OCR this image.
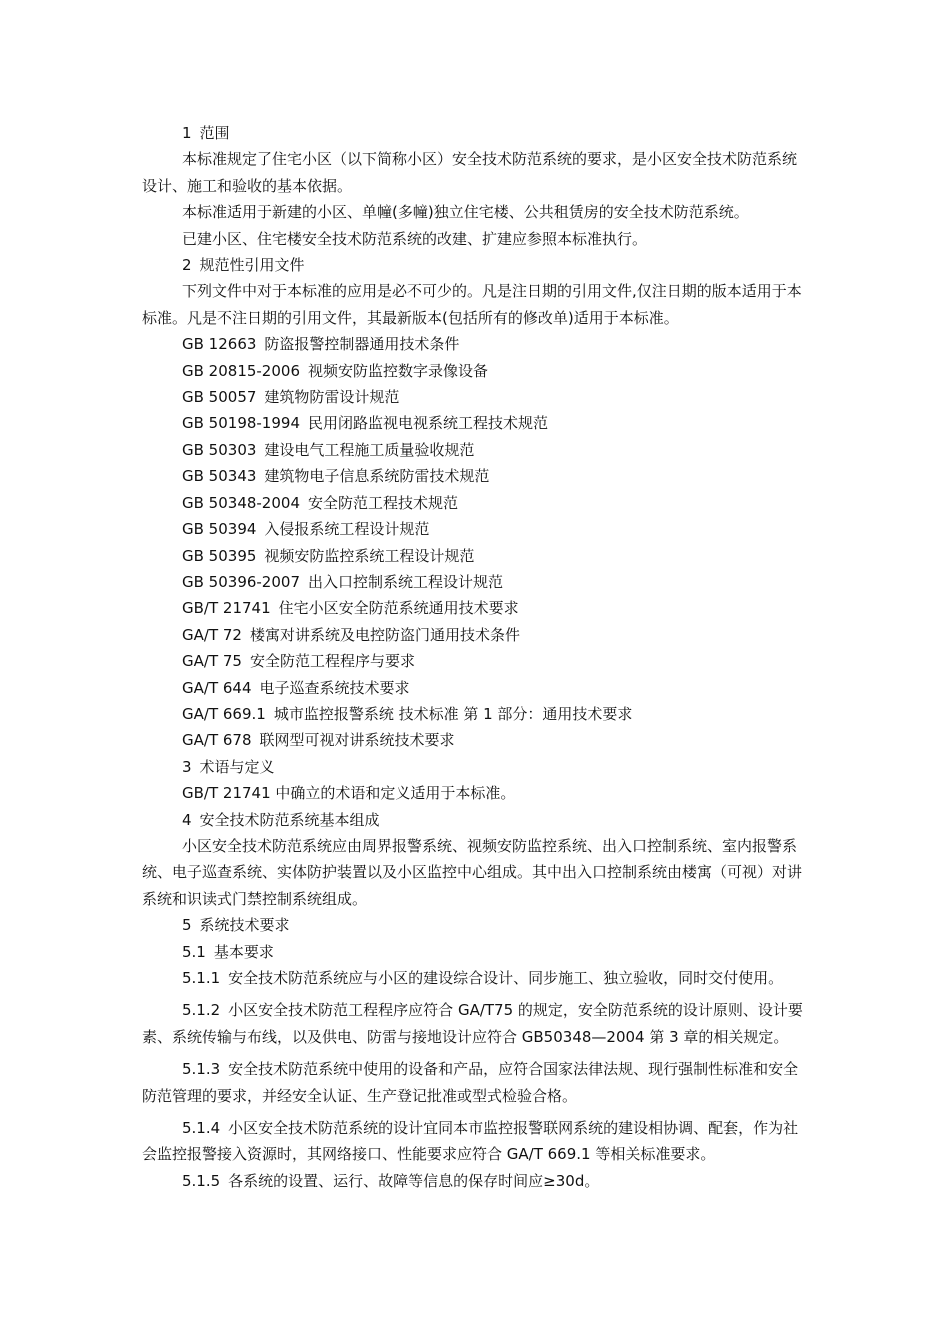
1 范围

本标准规定了住宅小区（以下简称小区）安全技术防范系统的要求，是小区安全技术防范系统设计、施工和验收的基本依据。

本标准适用于新建的小区、单幢(多幢)独立住宅楼、公共租赁房的安全技术防范系统。

已建小区、住宅楼安全技术防范系统的改建、扩建应参照本标准执行。

2 规范性引用文件

下列文件中对于本标准的应用是必不可少的。凡是注日期的引用文件,仅注日期的版本适用于本标准。凡是不注日期的引用文件，其最新版本(包括所有的修改单)适用于本标准。

GB 12663 防盗报警控制器通用技术条件

GB 20815-2006 视频安防监控数字录像设备

GB 50057 建筑物防雷设计规范

GB 50198-1994 民用闭路监视电视系统工程技术规范

GB 50303 建设电气工程施工质量验收规范

GB 50343 建筑物电子信息系统防雷技术规范

GB 50348-2004 安全防范工程技术规范

GB 50394 入侵报系统工程设计规范

GB 50395 视频安防监控系统工程设计规范

GB 50396-2007 出入口控制系统工程设计规范

GB/T 21741 住宅小区安全防范系统通用技术要求

GA/T 72 楼寓对讲系统及电控防盗门通用技术条件

GA/T 75 安全防范工程程序与要求

GA/T 644 电子巡查系统技术要求

GA/T 669.1 城市监控报警系统 技术标准 第 1 部分：通用技术要求

GA/T 678 联网型可视对讲系统技术要求

3 术语与定义

GB/T 21741 中确立的术语和定义适用于本标准。

4 安全技术防范系统基本组成

小区安全技术防范系统应由周界报警系统、视频安防监控系统、出入口控制系统、室内报警系统、电子巡查系统、实体防护装置以及小区监控中心组成。其中出入口控制系统由楼寓（可视）对讲系统和识读式门禁控制系统组成。

5 系统技术要求

5.1 基本要求

5.1.1 安全技术防范系统应与小区的建设综合设计、同步施工、独立验收，同时交付使用。

5.1.2 小区安全技术防范工程程序应符合 GA/T75 的规定，安全防范系统的设计原则、设计要素、系统传输与布线，以及供电、防雷与接地设计应符合 GB50348—2004 第 3 章的相关规定。

5.1.3 安全技术防范系统中使用的设备和产品，应符合国家法律法规、现行强制性标准和安全防范管理的要求，并经安全认证、生产登记批准或型式检验合格。

5.1.4 小区安全技术防范系统的设计宜同本市监控报警联网系统的建设相协调、配套，作为社会监控报警接入资源时，其网络接口、性能要求应符合 GA/T 669.1 等相关标准要求。

5.1.5 各系统的设置、运行、故障等信息的保存时间应≥30d。
